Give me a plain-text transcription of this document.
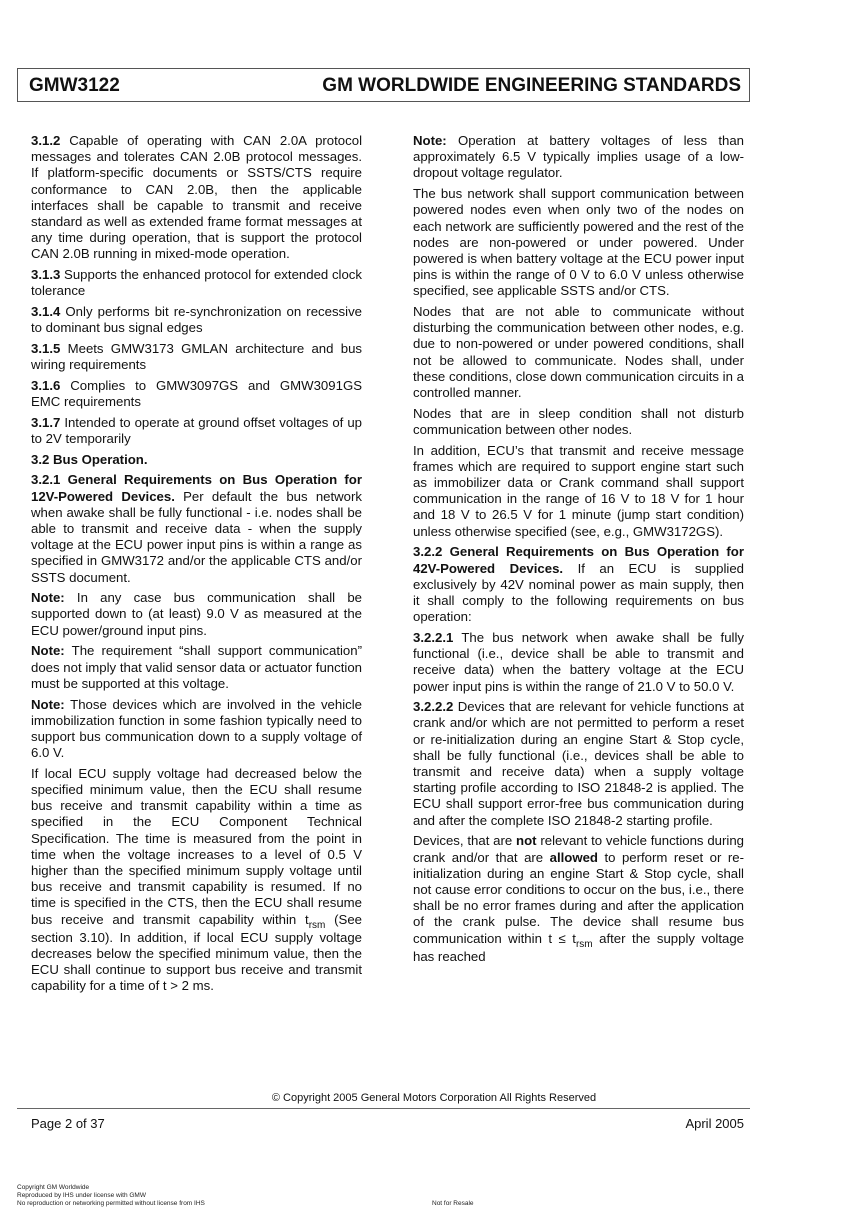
GMW3122	GM WORLDWIDE ENGINEERING STANDARDS

3.1.2 Capable of operating with CAN 2.0A protocol messages and tolerates CAN 2.0B protocol messages. If platform-specific documents or SSTS/CTS require conformance to CAN 2.0B, then the applicable interfaces shall be capable to transmit and receive standard as well as extended frame format messages at any time during operation, that is support the protocol CAN 2.0B running in mixed-mode operation.

3.1.3 Supports the enhanced protocol for extended clock tolerance

3.1.4 Only performs bit re-synchronization on recessive to dominant bus signal edges

3.1.5 Meets GMW3173 GMLAN architecture and bus wiring requirements

3.1.6 Complies to GMW3097GS and GMW3091GS EMC requirements

3.1.7 Intended to operate at ground offset voltages of up to 2V temporarily

3.2 Bus Operation.

3.2.1 General Requirements on Bus Operation for 12V-Powered Devices. Per default the bus network when awake shall be fully functional - i.e. nodes shall be able to transmit and receive data - when the supply voltage at the ECU power input pins is within a range as specified in GMW3172 and/or the applicable CTS and/or SSTS document.

Note: In any case bus communication shall be supported down to (at least) 9.0 V as measured at the ECU power/ground input pins.

Note: The requirement “shall support communication” does not imply that valid sensor data or actuator function must be supported at this voltage.

Note: Those devices which are involved in the vehicle immobilization function in some fashion typically need to support bus communication down to a supply voltage of 6.0 V.

If local ECU supply voltage had decreased below the specified minimum value, then the ECU shall resume bus receive and transmit capability within a time as specified in the ECU Component Technical Specification. The time is measured from the point in time when the voltage increases to a level of 0.5 V higher than the specified minimum supply voltage until bus receive and transmit capability is resumed. If no time is specified in the CTS, then the ECU shall resume bus receive and transmit capability within $t_{rsm}$ (See section 3.10). In addition, if local ECU supply voltage decreases below the specified minimum value, then the ECU shall continue to support bus receive and transmit capability for a time of t > 2 ms.

Note: Operation at battery voltages of less than approximately 6.5 V typically implies usage of a low-dropout voltage regulator.

The bus network shall support communication between powered nodes even when only two of the nodes on each network are sufficiently powered and the rest of the nodes are non-powered or under powered. Under powered is when battery voltage at the ECU power input pins is within the range of 0 V to 6.0 V unless otherwise specified, see applicable SSTS and/or CTS.

Nodes that are not able to communicate without disturbing the communication between other nodes, e.g. due to non-powered or under powered conditions, shall not be allowed to communicate. Nodes shall, under these conditions, close down communication circuits in a controlled manner.

Nodes that are in sleep condition shall not disturb communication between other nodes.

In addition, ECU’s that transmit and receive message frames which are required to support engine start such as immobilizer data or Crank command shall support communication in the range of 16 V to 18 V for 1 hour and 18 V to 26.5 V for 1 minute (jump start condition) unless otherwise specified (see, e.g., GMW3172GS).

3.2.2 General Requirements on Bus Operation for 42V-Powered Devices. If an ECU is supplied exclusively by 42V nominal power as main supply, then it shall comply to the following requirements on bus operation:

3.2.2.1 The bus network when awake shall be fully functional (i.e., device shall be able to transmit and receive data) when the battery voltage at the ECU power input pins is within the range of 21.0 V to 50.0 V.

3.2.2.2 Devices that are relevant for vehicle functions at crank and/or which are not permitted to perform a reset or re-initialization during an engine Start & Stop cycle, shall be fully functional (i.e., devices shall be able to transmit and receive data) when a supply voltage starting profile according to ISO 21848-2 is applied. The ECU shall support error-free bus communication during and after the complete ISO 21848-2 starting profile.

Devices, that are not relevant to vehicle functions during crank and/or that are allowed to perform reset or re-initialization during an engine Start & Stop cycle, shall not cause error conditions to occur on the bus, i.e., there shall be no error frames during and after the application of the crank pulse. The device shall resume bus communication within $t \le t_{rsm}$ after the supply voltage has reached

© Copyright 2005 General Motors Corporation All Rights Reserved
Page 2 of 37	April 2005
Copyright GM Worldwide
Reproduced by IHS under license with GMW
No reproduction or networking permitted without license from IHS	Not for Resale
